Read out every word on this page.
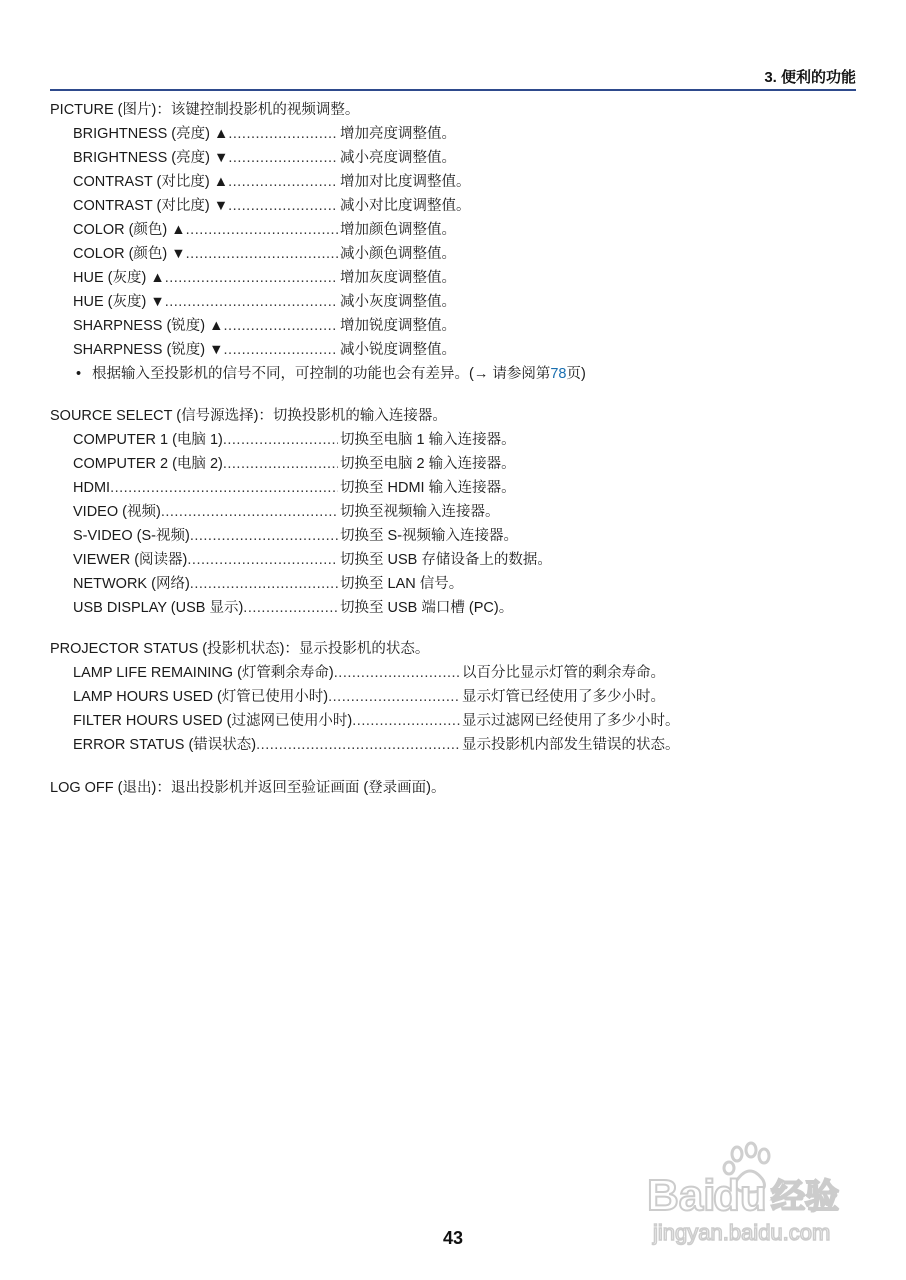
3. 便利的功能
PICTURE (图片)：该键控制投影机的视频调整。
BRIGHTNESS (亮度) ▲ .....	增加亮度调整值。
BRIGHTNESS (亮度) ▼ .....	减小亮度调整值。
CONTRAST (对比度) ▲ .....	增加对比度调整值。
CONTRAST (对比度) ▼ .....	减小对比度调整值。
COLOR (颜色) ▲ .....	增加颜色调整值。
COLOR (颜色) ▼ .....	减小颜色调整值。
HUE (灰度) ▲ .....	增加灰度调整值。
HUE (灰度) ▼ .....	减小灰度调整值。
SHARPNESS (锐度) ▲ .....	增加锐度调整值。
SHARPNESS (锐度) ▼ .....	减小锐度调整值。
• 根据输入至投影机的信号不同，可控制的功能也会有差异。(→ 请参阅第 78 页)
SOURCE SELECT (信号源选择)：切换投影机的输入连接器。
COMPUTER 1 (电脑 1) .....	切换至电脑 1 输入连接器。
COMPUTER 2 (电脑 2) .....	切换至电脑 2 输入连接器。
HDMI .....	切换至 HDMI 输入连接器。
VIDEO (视频) .....	切换至视频输入连接器。
S-VIDEO (S-视频) .....	切换至 S-视频输入连接器。
VIEWER (阅读器) .....	切换至 USB 存储设备上的数据。
NETWORK (网络) .....	切换至 LAN 信号。
USB DISPLAY (USB 显示) .....	切换至 USB 端口槽 (PC)。
PROJECTOR STATUS (投影机状态)：显示投影机的状态。
LAMP LIFE REMAINING (灯管剩余寿命) .....	以百分比显示灯管的剩余寿命。
LAMP HOURS USED (灯管已使用小时) .....	显示灯管已经使用了多少小时。
FILTER HOURS USED (过滤网已使用小时) .....	显示过滤网已经使用了多少小时。
ERROR STATUS (错误状态) .....	显示投影机内部发生错误的状态。
LOG OFF (退出)：退出投影机并返回至验证画面 (登录画面)。
43
Bai
du 经验
jingyan.baidu.com
